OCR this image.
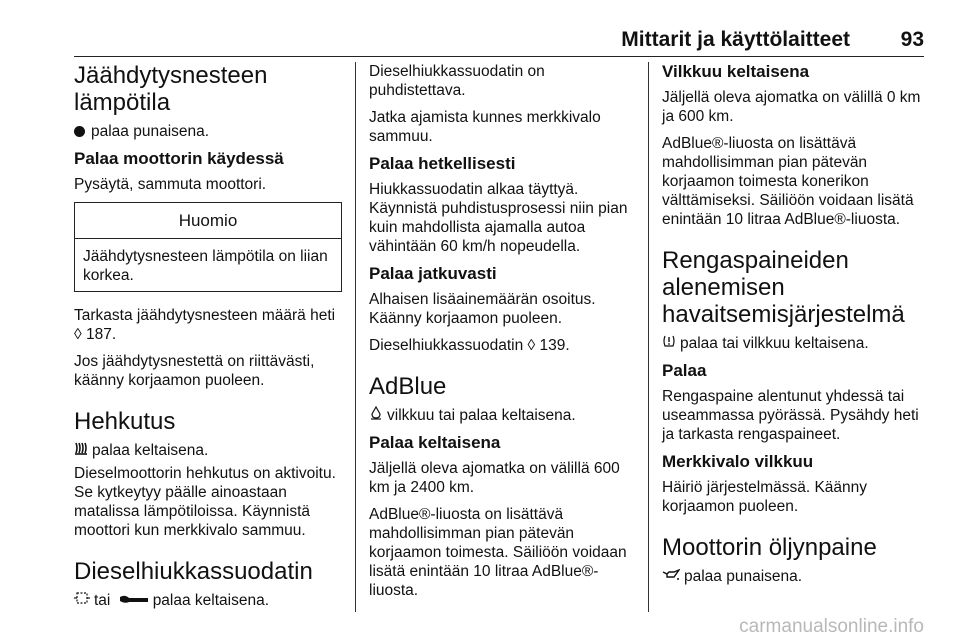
Mittarit ja käyttölaitteet 93
Jäähdytysnesteen lämpötila

palaa punaisena.

Palaa moottorin käydessä

Pysäytä, sammuta moottori.

Huomio
Jäähdytysnesteen lämpötila on liian korkea.

Tarkasta jäähdytysnesteen määrä heti ◊ 187.

Jos jäähdytysnestettä on riittävästi, käänny korjaamon puoleen.

Hehkutus

palaa keltaisena.

Dieselmoottorin hehkutus on aktivoitu. Se kytkeytyy päälle ainoastaan matalissa lämpötiloissa. Käynnistä moottori kun merkkivalo sammuu.

Dieselhiukkassuodatin

tai	palaa keltaisena.

Dieselhiukkassuodatin on puhdistettava.

Jatka ajamista kunnes merkkivalo sammuu.

Palaa hetkellisesti

Hiukkassuodatin alkaa täyttyä. Käynnistä puhdistusprosessi niin pian kuin mahdollista ajamalla autoa vähintään 60 km/h nopeudella.

Palaa jatkuvasti

Alhaisen lisäainemäärän osoitus. Käänny korjaamon puoleen.

Dieselhiukkassuodatin ◊ 139.

AdBlue

vilkkuu tai palaa keltaisena.

Palaa keltaisena

Jäljellä oleva ajomatka on välillä 600 km ja 2400 km.

AdBlue®-liuosta on lisättävä mahdollisimman pian pätevän korjaamon toimesta. Säiliöön voidaan lisätä enintään 10 litraa AdBlue®-liuosta.

Vilkkuu keltaisena

Jäljellä oleva ajomatka on välillä 0 km ja 600 km.

AdBlue®-liuosta on lisättävä mahdollisimman pian pätevän korjaamon toimesta konerikon välttämiseksi. Säiliöön voidaan lisätä enintään 10 litraa AdBlue®-liuosta.

Rengaspaineiden alenemisen havaitsemisjärjestelmä

palaa tai vilkkuu keltaisena.

Palaa

Rengaspaine alentunut yhdessä tai useammassa pyörässä. Pysähdy heti ja tarkasta rengaspaineet.

Merkkivalo vilkkuu

Häiriö järjestelmässä. Käänny korjaamon puoleen.

Moottorin öljynpaine

palaa punaisena.

carmanualsonline.info
